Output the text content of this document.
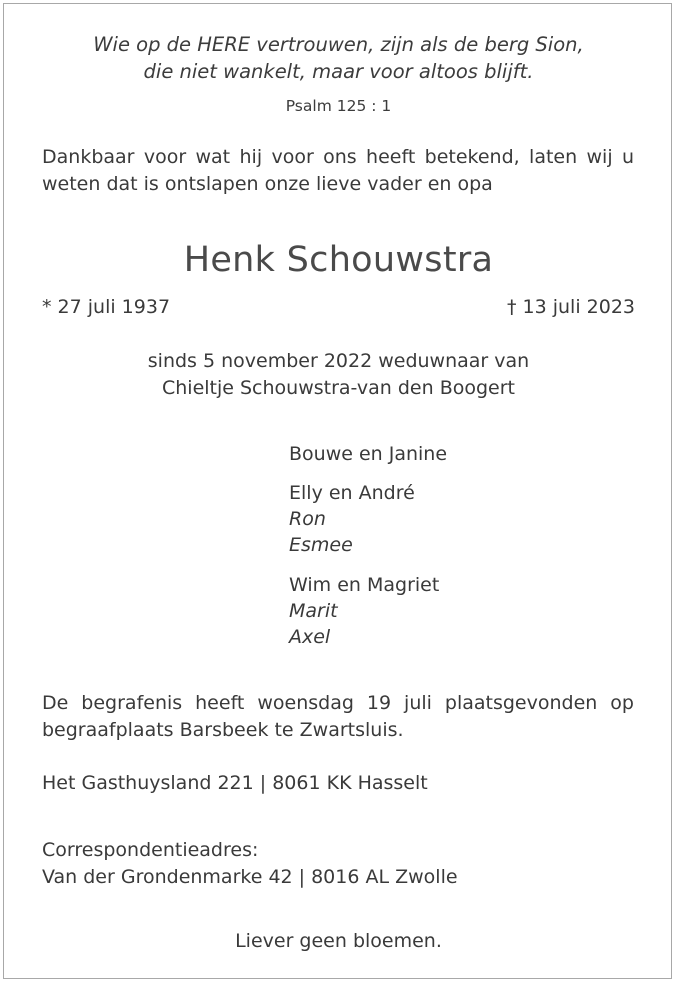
Wie op de HERE vertrouwen, zijn als de berg Sion,
die niet wankelt, maar voor altoos blijft.
Psalm 125 : 1
Dankbaar voor wat hij voor ons heeft betekend, laten wij u weten dat is ontslapen onze lieve vader en opa
Henk Schouwstra
* 27 juli 1937	† 13 juli 2023
sinds 5 november 2022 weduwnaar van
Chieltje Schouwstra-van den Boogert
Bouwe en Janine
Elly en André
Ron
Esmee
Wim en Magriet
Marit
Axel
De begrafenis heeft woensdag 19 juli plaatsgevonden op begraafplaats Barsbeek te Zwartsluis.
Het Gasthuysland 221 | 8061 KK Hasselt
Correspondentieadres:
Van der Grondenmarke 42 | 8016 AL Zwolle
Liever geen bloemen.
